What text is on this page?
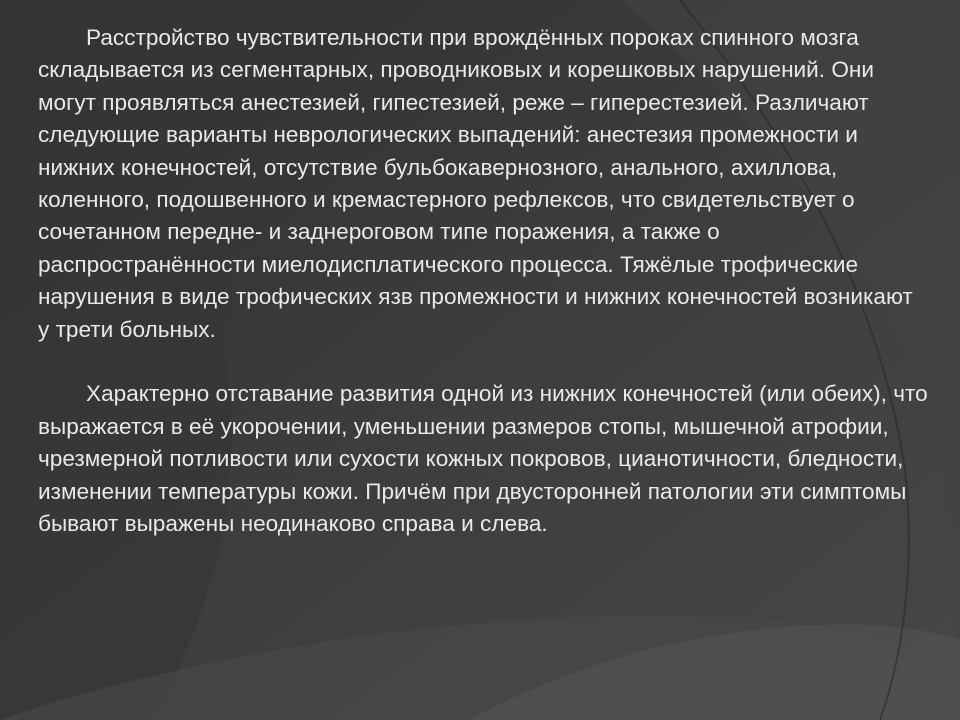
Расстройство чувствительности при врождённых пороках спинного мозга складывается из сегментарных, проводниковых и корешковых нарушений. Они могут проявляться анестезией, гипестезией, реже – гиперестезией. Различают следующие варианты неврологических выпадений: анестезия промежности и нижних конечностей, отсутствие бульбокавернозного, анального, ахиллова, коленного, подошвенного и кремастерного рефлексов, что свидетельствует о сочетанном передне- и заднероговом типе поражения, а также о распространённости миелодисплатического процесса. Тяжёлые трофические нарушения в виде трофических язв промежности и нижних конечностей возникают у трети больных.

Характерно отставание развития одной из нижних конечностей (или обеих), что выражается в её укорочении, уменьшении размеров стопы, мышечной атрофии, чрезмерной потливости или сухости кожных покровов, цианотичности, бледности, изменении температуры кожи. Причём при двусторонней патологии эти симптомы бывают выражены неодинаково справа и слева.
